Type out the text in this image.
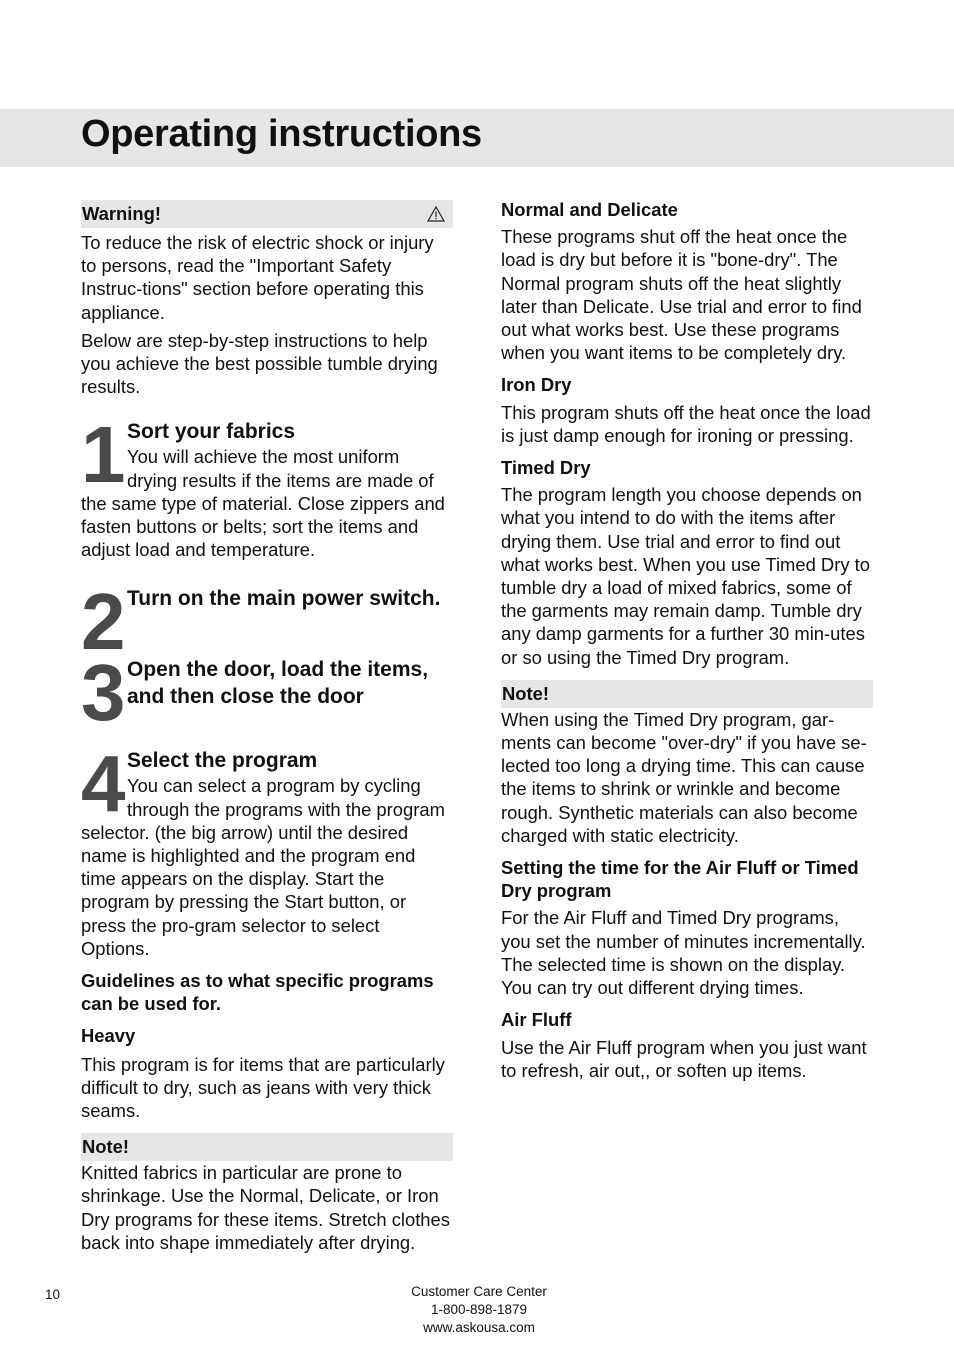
Operating instructions
Warning!

To reduce the risk of electric shock or injury to persons, read the "Important Safety Instruc-tions" section before operating this appliance.

Below are step-by-step instructions to help you achieve the best possible tumble drying results.

1 Sort your fabrics

You will achieve the most uniform drying results if the items are made of the same type of material. Close zippers and fasten buttons or belts; sort the items and adjust load and temperature.

2 Turn on the main power switch.
3 Open the door, load the items, and then close the door
4 Select the program

You can select a program by cycling through the programs with the program selector. (the big arrow) until the desired name is highlighted and the program end time appears on the display. Start the program by pressing the Start button, or press the pro-gram selector to select Options.

Guidelines as to what specific programs can be used for.

Heavy

This program is for items that are particularly difficult to dry, such as jeans with very thick seams.

Note!

Knitted fabrics in particular are prone to shrinkage. Use the Normal, Delicate, or Iron Dry programs for these items. Stretch clothes back into shape immediately after drying.

Normal and Delicate

These programs shut off the heat once the load is dry but before it is "bone-dry". The Normal program shuts off the heat slightly later than Delicate. Use trial and error to find out what works best. Use these programs when you want items to be completely dry.

Iron Dry

This program shuts off the heat once the load is just damp enough for ironing or pressing.

Timed Dry

The program length you choose depends on what you intend to do with the items after drying them. Use trial and error to find out what works best. When you use Timed Dry to tumble dry a load of mixed fabrics, some of the garments may remain damp. Tumble dry any damp garments for a further 30 min-utes or so using the Timed Dry program.

Note!

When using the Timed Dry program, gar-ments can become "over-dry" if you have se-lected too long a drying time. This can cause the items to shrink or wrinkle and become rough. Synthetic materials can also become charged with static electricity.

Setting the time for the Air Fluff or Timed Dry program

For the Air Fluff and Timed Dry programs, you set the number of minutes incrementally. The selected time is shown on the display. You can try out different drying times.

Air Fluff

Use the Air Fluff program when you just want to refresh, air out,, or soften up items.

10	Customer Care Center
1-800-898-1879
www.askousa.com
